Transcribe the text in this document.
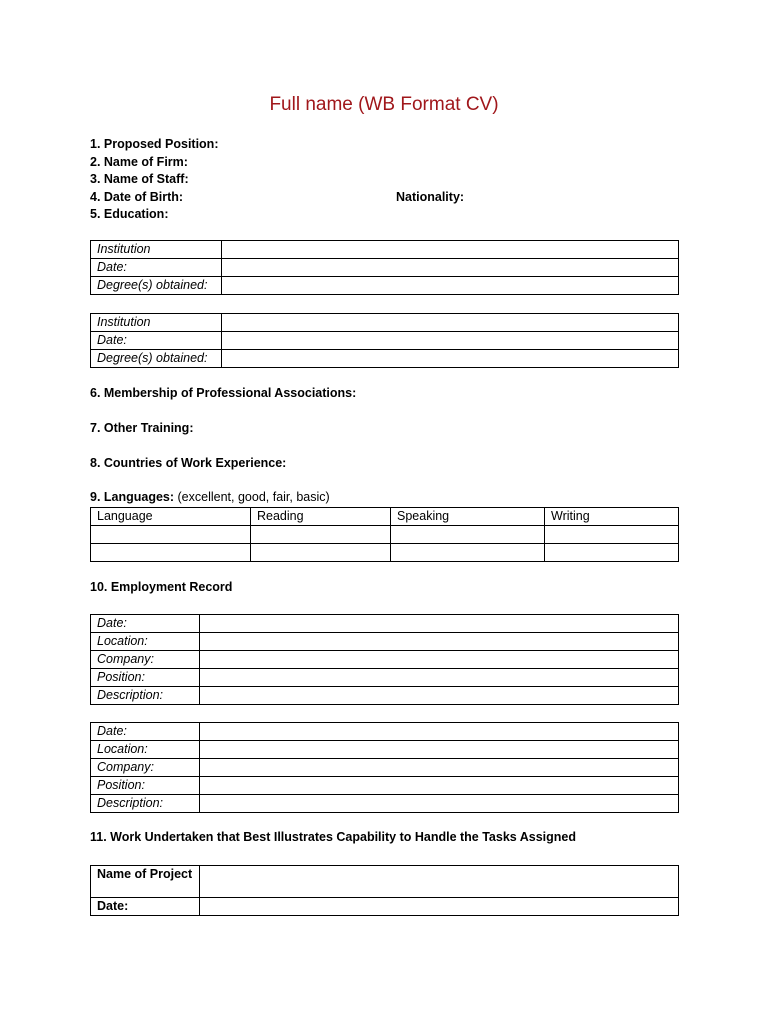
Full name (WB Format CV)
1. Proposed Position:
2. Name of Firm:
3. Name of Staff:
4. Date of Birth:	Nationality:
5. Education:
Institution	
Date:	
Degree(s) obtained:	
Institution	
Date:	
Degree(s) obtained:	
6. Membership of Professional Associations:
7. Other Training:
8. Countries of Work Experience:
9. Languages: (excellent, good, fair, basic)
Language	Reading	Speaking	Writing

10. Employment Record
Date:	
Location:	
Company:	
Position:	
Description:	
Date:	
Location:	
Company:	
Position:	
Description:	
11. Work Undertaken that Best Illustrates Capability to Handle the Tasks Assigned
Name of Project	
Date:	
